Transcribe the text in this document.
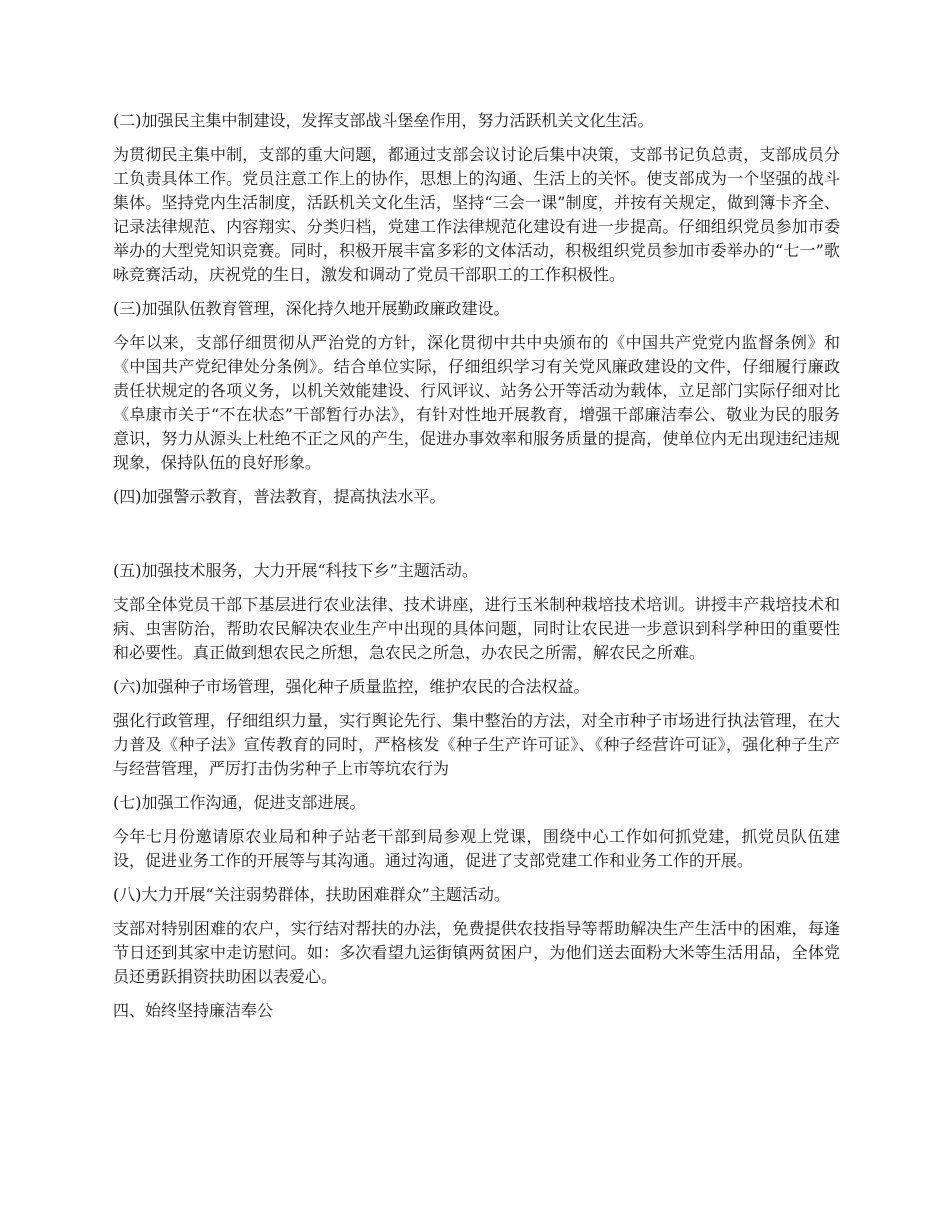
(二)加强民主集中制建设，发挥支部战斗堡垒作用，努力活跃机关文化生活。

为贯彻民主集中制，支部的重大问题，都通过支部会议讨论后集中决策，支部书记负总责，支部成员分工负责具体工作。党员注意工作上的协作，思想上的沟通、生活上的关怀。使支部成为一个坚强的战斗集体。坚持党内生活制度，活跃机关文化生活，坚持“三会一课”制度，并按有关规定，做到簿卡齐全、记录法律规范、内容翔实、分类归档，党建工作法律规范化建设有进一步提高。仔细组织党员参加市委举办的大型党知识竞赛。同时，积极开展丰富多彩的文体活动，积极组织党员参加市委举办的“七一”歌咏竞赛活动，庆祝党的生日，激发和调动了党员干部职工的工作积极性。

(三)加强队伍教育管理，深化持久地开展勤政廉政建设。

今年以来，支部仔细贯彻从严治党的方针，深化贯彻中共中央颁布的《中国共产党党内监督条例》和《中国共产党纪律处分条例》。结合单位实际，仔细组织学习有关党风廉政建设的文件，仔细履行廉政责任状规定的各项义务，以机关效能建设、行风评议、站务公开等活动为载体，立足部门实际仔细对比《阜康市关于“不在状态”干部暂行办法》，有针对性地开展教育，增强干部廉洁奉公、敬业为民的服务意识，努力从源头上杜绝不正之风的产生，促进办事效率和服务质量的提高，使单位内无出现违纪违规现象，保持队伍的良好形象。

(四)加强警示教育，普法教育，提高执法水平。

(五)加强技术服务，大力开展“科技下乡”主题活动。

支部全体党员干部下基层进行农业法律、技术讲座，进行玉米制种栽培技术培训。讲授丰产栽培技术和病、虫害防治，帮助农民解决农业生产中出现的具体问题，同时让农民进一步意识到科学种田的重要性和必要性。真正做到想农民之所想，急农民之所急，办农民之所需，解农民之所难。

(六)加强种子市场管理，强化种子质量监控，维护农民的合法权益。

强化行政管理，仔细组织力量，实行舆论先行、集中整治的方法，对全市种子市场进行执法管理，在大力普及《种子法》宣传教育的同时，严格核发《种子生产许可证》、《种子经营许可证》，强化种子生产与经营管理，严厉打击伪劣种子上市等坑农行为

(七)加强工作沟通，促进支部进展。

今年七月份邀请原农业局和种子站老干部到局参观上党课，围绕中心工作如何抓党建，抓党员队伍建设，促进业务工作的开展等与其沟通。通过沟通，促进了支部党建工作和业务工作的开展。

(八)大力开展“关注弱势群体，扶助困难群众”主题活动。

支部对特别困难的农户，实行结对帮扶的办法，免费提供农技指导等帮助解决生产生活中的困难，每逢节日还到其家中走访慰问。如：多次看望九运街镇两贫困户，为他们送去面粉大米等生活用品，全体党员还勇跃捐资扶助困以表爱心。

四、始终坚持廉洁奉公
